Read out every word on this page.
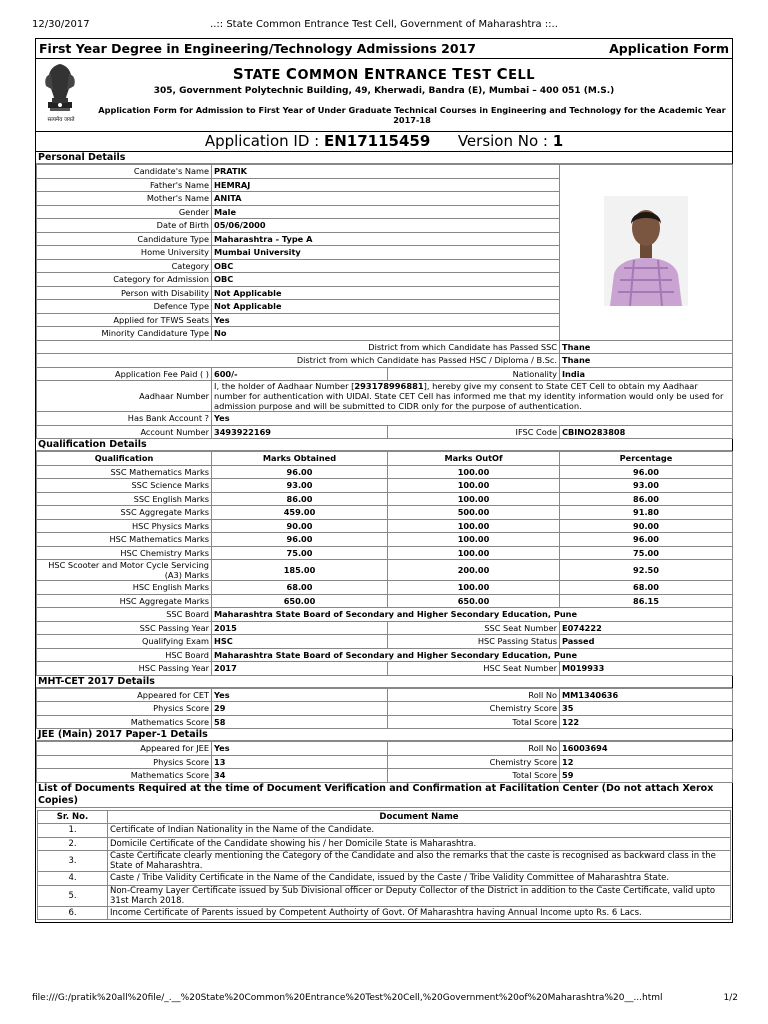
12/30/2017	..:: State Common Entrance Test Cell, Government of Maharashtra ::..
First Year Degree in Engineering/Technology Admissions 2017	Application Form
सत्यमेव जयते
STATE COMMON ENTRANCE TEST CELL
305, Government Polytechnic Building, 49, Kherwadi, Bandra (E), Mumbai – 400 051 (M.S.)
Application Form for Admission to First Year of Under Graduate Technical Courses in Engineering and Technology for the Academic Year 2017-18
Application ID : EN17115459 Version No : 1
Personal Details
Candidate's Name	PRATIK	
Father's Name	HEMRAJ		
Mother's Name	ANITA		
Gender	Male		
Date of Birth	05/06/2000		
Candidature Type	Maharashtra - Type A		
Home University	Mumbai University		
Category	OBC		
Category for Admission	OBC		
Person with Disability	Not Applicable		
Defence Type	Not Applicable		
Applied for TFWS Seats	Yes		
Minority Candidature Type	No		
District from which Candidate has Passed SSC			Thane
District from which Candidate has Passed HSC / Diploma / B.Sc.			Thane
Application Fee Paid ( )	600/-	Nationality	India
Aadhaar Number	I, the holder of Aadhaar Number [293178996881], hereby give my consent to State CET Cell to obtain my Aadhaar number for authentication with UIDAI. State CET Cell has informed me that my identity information would only be used for admission purpose and will be submitted to CIDR only for the purpose of authentication.		
Has Bank Account ?	Yes		
Account Number	3493922169	IFSC Code	CBINO283808
Qualification Details
Qualification	Marks Obtained	Marks OutOf	Percentage
SSC Mathematics Marks	96.00	100.00	96.00
SSC Science Marks	93.00	100.00	93.00
SSC English Marks	86.00	100.00	86.00
SSC Aggregate Marks	459.00	500.00	91.80
HSC Physics Marks	90.00	100.00	90.00
HSC Mathematics Marks	96.00	100.00	96.00
HSC Chemistry Marks	75.00	100.00	75.00
HSC Scooter and Motor Cycle Servicing (A3) Marks	185.00	200.00	92.50
HSC English Marks	68.00	100.00	68.00
HSC Aggregate Marks	650.00	650.00	86.15
SSC Board	Maharashtra State Board of Secondary and Higher Secondary Education, Pune		
SSC Passing Year	2015	SSC Seat Number	E074222
Qualifying Exam	HSC	HSC Passing Status	Passed
HSC Board	Maharashtra State Board of Secondary and Higher Secondary Education, Pune		
HSC Passing Year	2017	HSC Seat Number	M019933
MHT-CET 2017 Details
Appeared for CET	Yes	Roll No	MM1340636
Physics Score	29	Chemistry Score	35
Mathematics Score	58	Total Score	122
JEE (Main) 2017 Paper-1 Details
Appeared for JEE	Yes	Roll No	16003694
Physics Score	13	Chemistry Score	12
Mathematics Score	34	Total Score	59
List of Documents Required at the time of Document Verification and Confirmation at Facilitation Center (Do not attach Xerox Copies)
Sr. No.	Document Name
1.	Certificate of Indian Nationality in the Name of the Candidate.
2.	Domicile Certificate of the Candidate showing his / her Domicile State is Maharashtra.
3.	Caste Certificate clearly mentioning the Category of the Candidate and also the remarks that the caste is recognised as backward class in the State of Maharashtra.
4.	Caste / Tribe Validity Certificate in the Name of the Candidate, issued by the Caste / Tribe Validity Committee of Maharashtra State.
5.	Non-Creamy Layer Certificate issued by Sub Divisional officer or Deputy Collector of the District in addition to the Caste Certificate, valid upto 31st March 2018.
6.	Income Certificate of Parents issued by Competent Authoirty of Govt. Of Maharashtra having Annual Income upto Rs. 6 Lacs.
file:///G:/pratik%20all%20file/_.__%20State%20Common%20Entrance%20Test%20Cell,%20Government%20of%20Maharashtra%20__...html	1/2
